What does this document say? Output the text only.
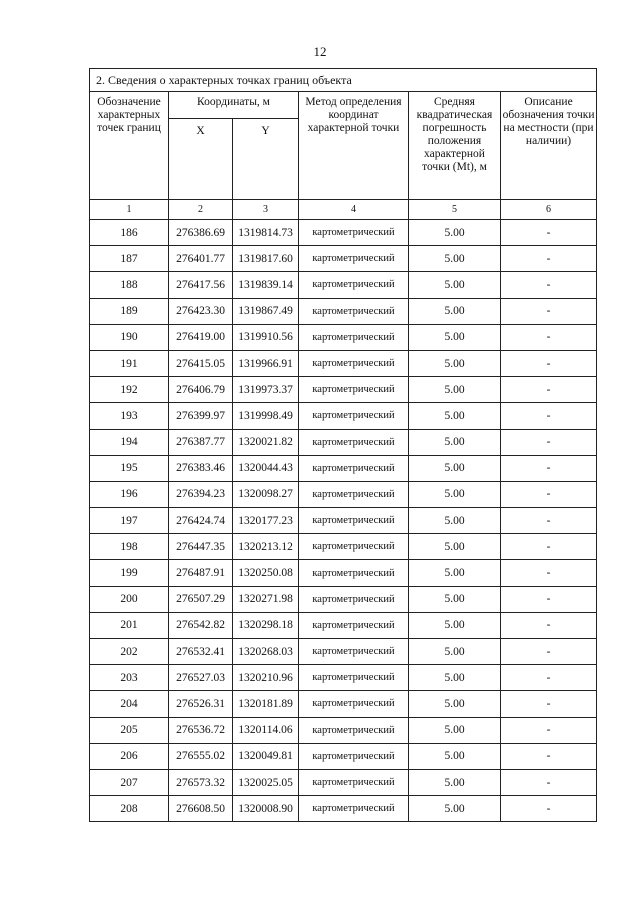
12
2. Сведения о характерных точках границ объекта					
Обозначение характерных точек границ	Координаты, м		Метод определения координат характерной точки	Средняя квадратическая погрешность положения характерной точки (Mt), м	Описание обозначения точки на местности (при наличии)
	X	Y			
1	2	3	4	5	6
186	276386.69	1319814.73	картометрический	5.00	-
187	276401.77	1319817.60	картометрический	5.00	-
188	276417.56	1319839.14	картометрический	5.00	-
189	276423.30	1319867.49	картометрический	5.00	-
190	276419.00	1319910.56	картометрический	5.00	-
191	276415.05	1319966.91	картометрический	5.00	-
192	276406.79	1319973.37	картометрический	5.00	-
193	276399.97	1319998.49	картометрический	5.00	-
194	276387.77	1320021.82	картометрический	5.00	-
195	276383.46	1320044.43	картометрический	5.00	-
196	276394.23	1320098.27	картометрический	5.00	-
197	276424.74	1320177.23	картометрический	5.00	-
198	276447.35	1320213.12	картометрический	5.00	-
199	276487.91	1320250.08	картометрический	5.00	-
200	276507.29	1320271.98	картометрический	5.00	-
201	276542.82	1320298.18	картометрический	5.00	-
202	276532.41	1320268.03	картометрический	5.00	-
203	276527.03	1320210.96	картометрический	5.00	-
204	276526.31	1320181.89	картометрический	5.00	-
205	276536.72	1320114.06	картометрический	5.00	-
206	276555.02	1320049.81	картометрический	5.00	-
207	276573.32	1320025.05	картометрический	5.00	-
208	276608.50	1320008.90	картометрический	5.00	-
